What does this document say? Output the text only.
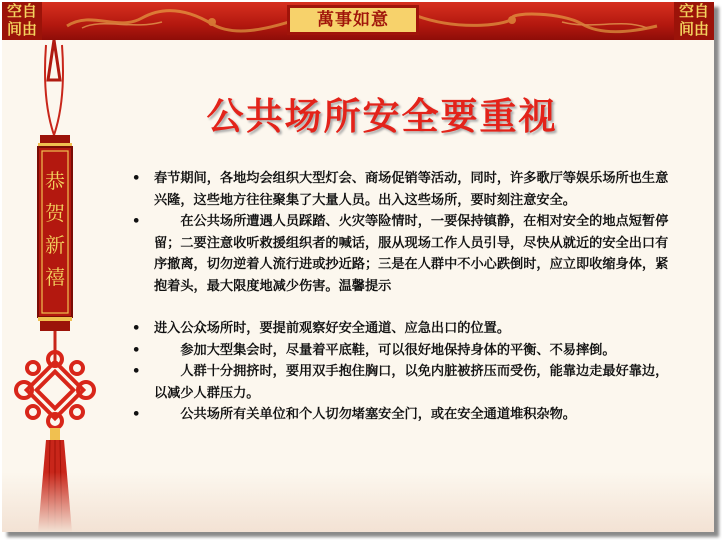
空自
间由	萬事如意	空自
间由
恭
贺
新
禧
公共场所安全要重视
• 春节期间，各地均会组织大型灯会、商场促销等活动，同时，许多歌厅等娱乐场所也生意兴隆，这些地方往往聚集了大量人员。出入这些场所，要时刻注意安全。
• 　　在公共场所遭遇人员踩踏、火灾等险情时，一要保持镇静，在相对安全的地点短暂停留；二要注意收听救援组织者的喊话，服从现场工作人员引导，尽快从就近的安全出口有序撤离，切勿逆着人流行进或抄近路；三是在人群中不小心跌倒时，应立即收缩身体，紧抱着头，最大限度地减少伤害。温馨提示
• 进入公众场所时，要提前观察好安全通道、应急出口的位置。
• 　　参加大型集会时，尽量着平底鞋，可以很好地保持身体的平衡、不易摔倒。
• 　　人群十分拥挤时，要用双手抱住胸口，以免内脏被挤压而受伤，能靠边走最好靠边，以减少人群压力。
• 　　公共场所有关单位和个人切勿堵塞安全门，或在安全通道堆积杂物。
